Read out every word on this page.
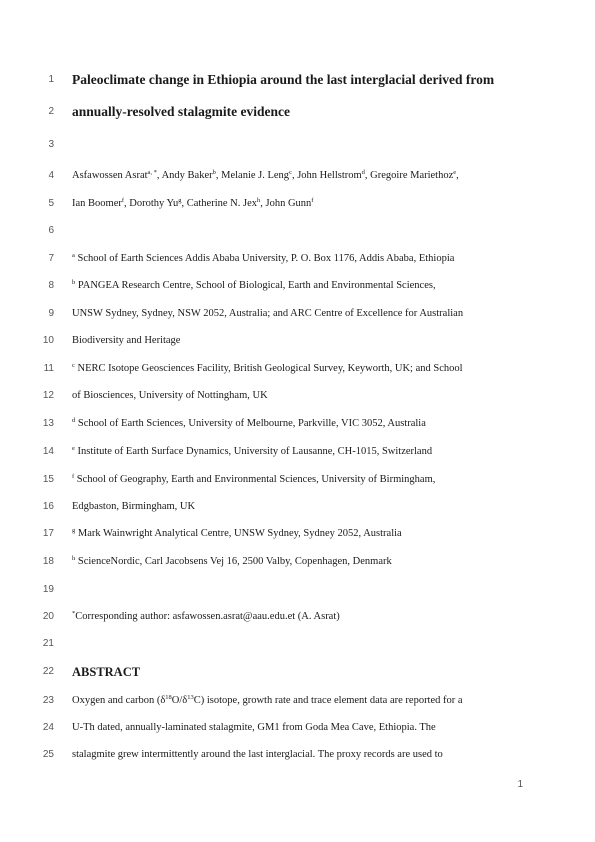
1 Paleoclimate change in Ethiopia around the last interglacial derived from
2 annually-resolved stalagmite evidence
3
4 Asfawossen Asrat$^{a, *}$, Andy Baker$^b$, Melanie J. Leng$^c$, John Hellstrom$^d$, Gregoire Mariethoz$^e$,
5 Ian Boomer$^f$, Dorothy Yu$^g$, Catherine N. Jex$^h$, John Gunn$^f$
6
7	$^a$ School of Earth Sciences Addis Ababa University, P. O. Box 1176, Addis Ababa, Ethiopia
8	$^b$ PANGEA Research Centre, School of Biological, Earth and Environmental Sciences,
9 UNSW Sydney, Sydney, NSW 2052, Australia; and ARC Centre of Excellence for Australian
10 Biodiversity and Heritage
11	$^c$ NERC Isotope Geosciences Facility, British Geological Survey, Keyworth, UK; and School
12 of Biosciences, University of Nottingham, UK
13	$^d$ School of Earth Sciences, University of Melbourne, Parkville, VIC 3052, Australia
14	$^e$ Institute of Earth Surface Dynamics, University of Lausanne, CH-1015, Switzerland
15	$^f$ School of Geography, Earth and Environmental Sciences, University of Birmingham,
16 Edgbaston, Birmingham, UK
17	$^g$ Mark Wainwright Analytical Centre, UNSW Sydney, Sydney 2052, Australia
18	$^h$ ScienceNordic, Carl Jacobsens Vej 16, 2500 Valby, Copenhagen, Denmark
19
20	*Corresponding author: asfawossen.asrat@aau.edu.et (A. Asrat)
21
22 ABSTRACT
23 Oxygen and carbon $(\delta^{18}O/\delta^{13}C)$ isotope, growth rate and trace element data are reported for a
24 U-Th dated, annually-laminated stalagmite, GM1 from Goda Mea Cave, Ethiopia. The
25 stalagmite grew intermittently around the last interglacial. The proxy records are used to
1
